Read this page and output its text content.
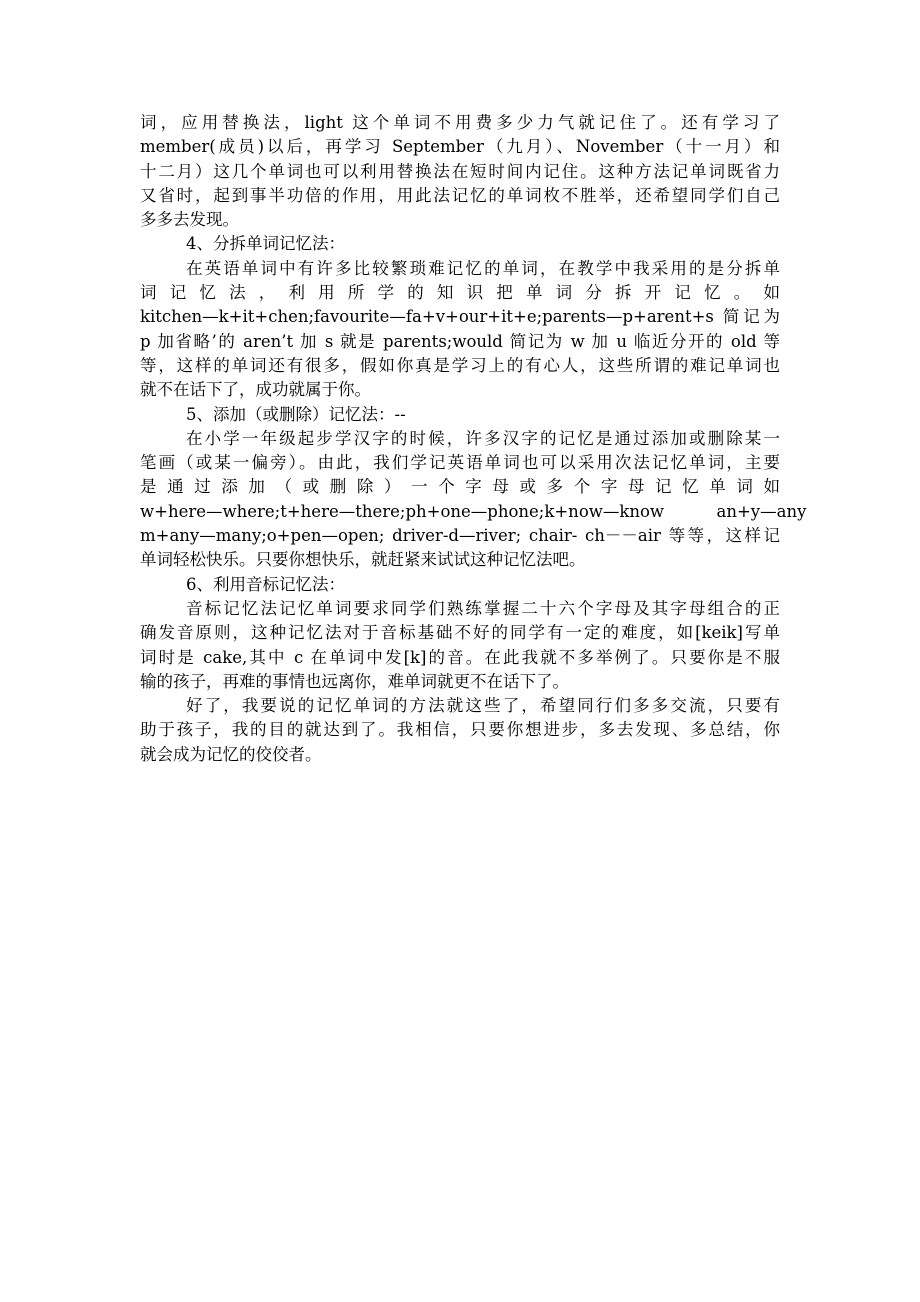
词，应用替换法，light 这个单词不用费多少力气就记住了。还有学习了
member(成员)以后，再学习 September（九月）、November（十一月）和
十二月）这几个单词也可以利用替换法在短时间内记住。这种方法记单词既省力
又省时，起到事半功倍的作用，用此法记忆的单词枚不胜举，还希望同学们自己
多多去发现。
4、分拆单词记忆法：
在英语单词中有许多比较繁琐难记忆的单词，在教学中我采用的是分拆单
词 记 忆 法 ， 利 用 所 学 的 知 识 把 单 词 分 拆 开 记 忆 。 如
kitchen—k+it+chen;favourite—fa+v+our+it+e;parents—p+arent+s 简记为
p 加省略’的 aren’t 加 s 就是 parents;would 简记为 w 加 u 临近分开的 old 等
等，这样的单词还有很多，假如你真是学习上的有心人，这些所谓的难记单词也
就不在话下了，成功就属于你。
5、添加（或删除）记忆法：--
在小学一年级起步学汉字的时候，许多汉字的记忆是通过添加或删除某一
笔画（或某一偏旁）。由此，我们学记英语单词也可以采用次法记忆单词，主要
是 通 过 添 加 （ 或 删 除 ） 一 个 字 母 或 多 个 字 母 记 忆 单 词 如
w+here—where;t+here—there;ph+one—phone;k+now—know          an+y—any
m+any—many;o+pen—open; driver-d—river; chair- ch－－air 等等，这样记
单词轻松快乐。只要你想快乐，就赶紧来试试这种记忆法吧。
6、利用音标记忆法：
音标记忆法记忆单词要求同学们熟练掌握二十六个字母及其字母组合的正
确发音原则，这种记忆法对于音标基础不好的同学有一定的难度，如[keik]写单
词时是 cake,其中 c 在单词中发[k]的音。在此我就不多举例了。只要你是不服
输的孩子，再难的事情也远离你，难单词就更不在话下了。
好了，我要说的记忆单词的方法就这些了，希望同行们多多交流，只要有
助于孩子，我的目的就达到了。我相信，只要你想进步，多去发现、多总结，你
就会成为记忆的佼佼者。
